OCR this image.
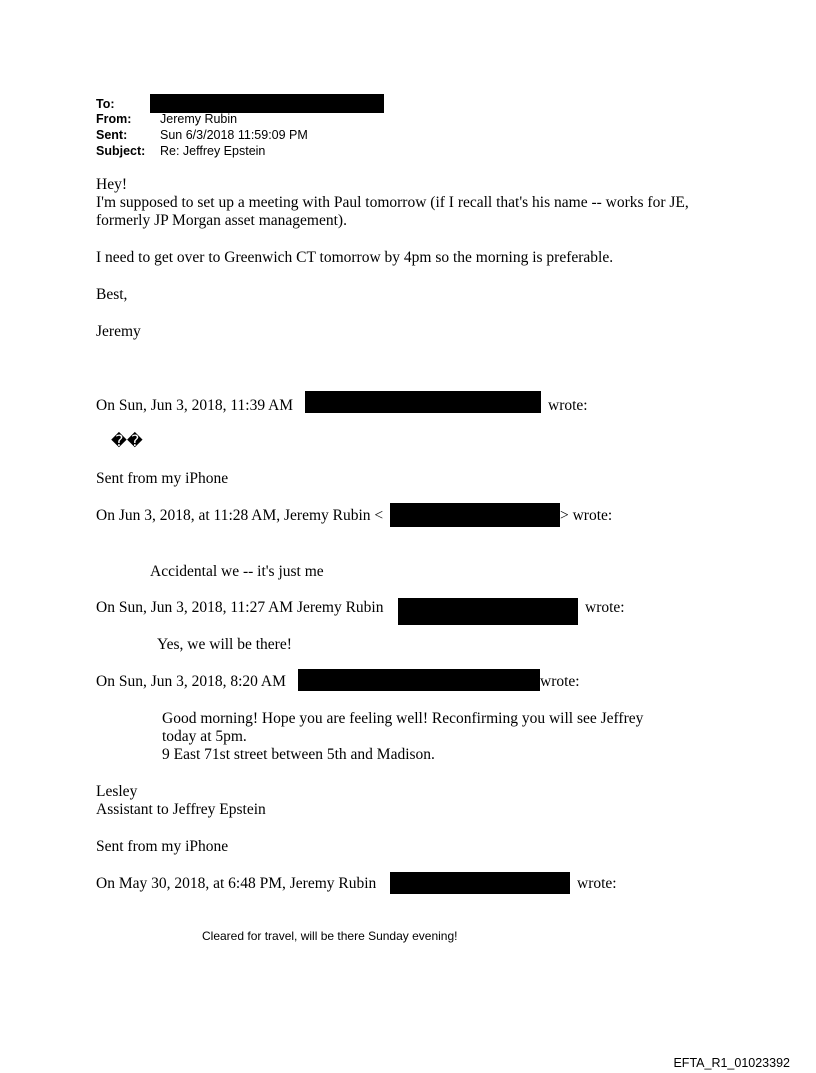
To:
From: Jeremy Rubin
Sent:	Sun 6/3/2018 11:59:09 PM
Subject: Re: Jeffrey Epstein
Hey!
I'm supposed to set up a meeting with Paul tomorrow (if I recall that's his name -- works for JE,
formerly JP Morgan asset management).
I need to get over to Greenwich CT tomorrow by 4pm so the morning is preferable.
Best,
Jeremy
On Sun, Jun 3, 2018, 11:39 AM	wrote:
��
Sent from my iPhone
On Jun 3, 2018, at 11:28 AM, Jeremy Rubin <	> wrote:
Accidental we -- it's just me
On Sun, Jun 3, 2018, 11:27 AM Jeremy Rubin	wrote:
Yes, we will be there!
On Sun, Jun 3, 2018, 8:20 AM	wrote:
Good morning! Hope you are feeling well! Reconfirming you will see Jeffrey
today at 5pm.
9 East 71st street between 5th and Madison.
Lesley
Assistant to Jeffrey Epstein
Sent from my iPhone
On May 30, 2018, at 6:48 PM, Jeremy Rubin	wrote:
Cleared for travel, will be there Sunday evening!
EFTA_R1_01023392
